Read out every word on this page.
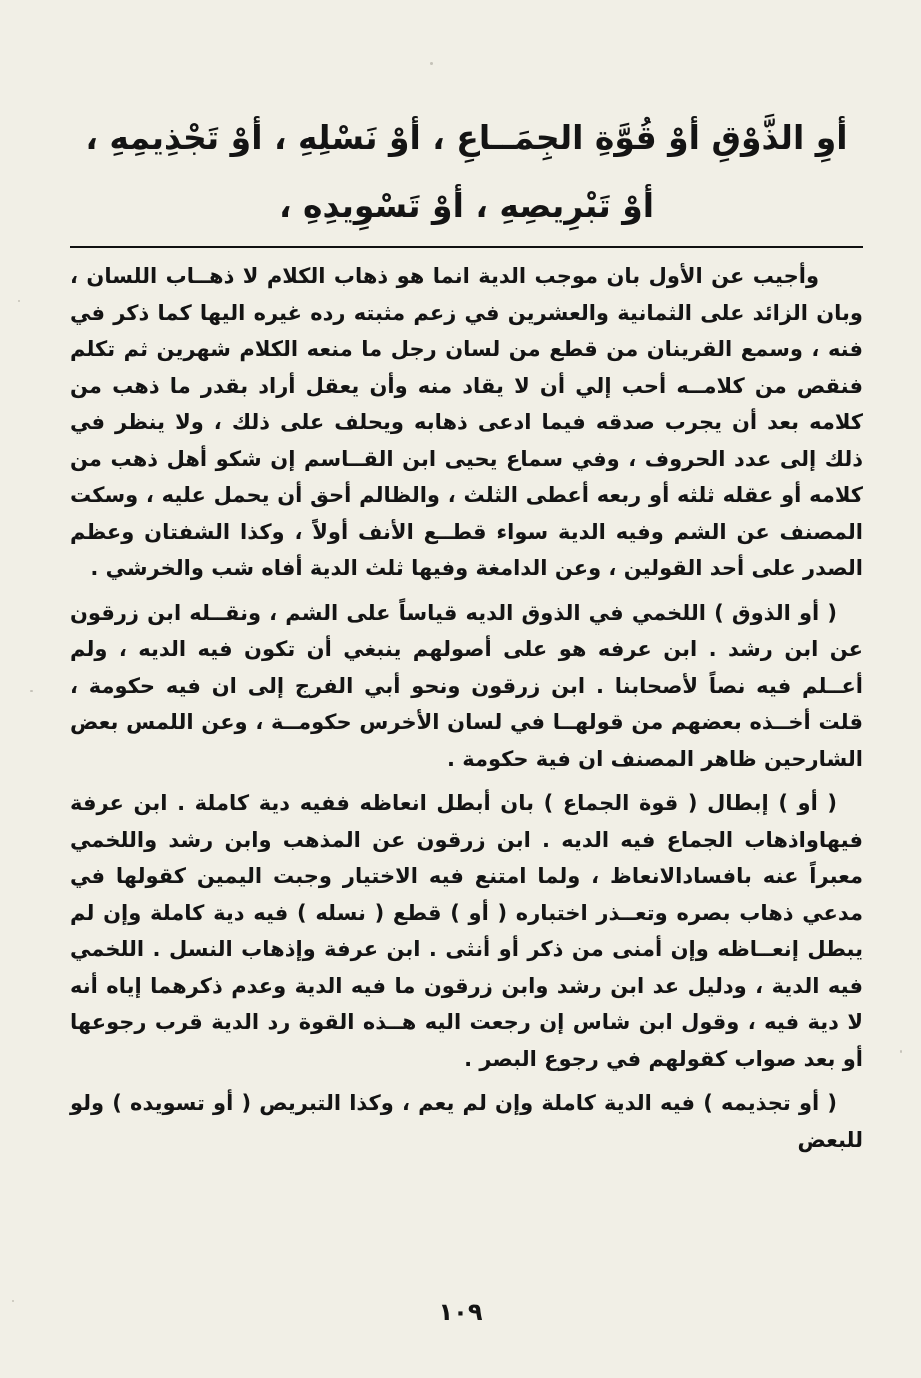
أوِ الذَّوْقِ أوْ قُوَّةِ الجِمَــاعِ ، أوْ نَسْلِهِ ، أوْ تَجْذِيمِهِ ،
أوْ تَبْرِيصِهِ ، أوْ تَسْوِيدِهِ ،

وأجيب عن الأول بان موجب الدية انما هو ذهاب الكلام لا ذهــاب اللسان ، وبان الزائد على الثمانية والعشرين في زعم مثبته رده غيره اليها كما ذكر في فنه ، وسمع القرينان من قطع من لسان رجل ما منعه الكلام شهرين ثم تكلم فنقص من كلامــه أحب إلي أن لا يقاد منه وأن يعقل أراد بقدر ما ذهب من كلامه بعد أن يجرب صدقه فيما ادعى ذهابه ويحلف على ذلك ، ولا ينظر في ذلك إلى عدد الحروف ، وفي سماع يحيى ابن القــاسم إن شكو أهل ذهب من كلامه أو عقله ثلثه أو ربعه أعطى الثلث ، والظالم أحق أن يحمل عليه ، وسكت المصنف عن الشم وفيه الدية سواء قطــع الأنف أولاً ، وكذا الشفتان وعظم الصدر على أحد القولين ، وعن الدامغة وفيها ثلث الدية أفاه شب والخرشي .

( أو الذوق ) اللخمي في الذوق الديه قياساً على الشم ، ونقــله ابن زرقون عن ابن رشد . ابن عرفه هو على أصولهم ينبغي أن تكون فيه الديه ، ولم أعــلم فيه نصاً لأصحابنا . ابن زرقون ونحو أبي الفرج إلى ان فيه حكومة ، قلت أخــذه بعضهم من قولهــا في لسان الأخرس حكومــة ، وعن اللمس بعض الشارحين ظاهر المصنف ان فية حكومة .

( أو ) إبطال ( قوة الجماع ) بان أبطل انعاظه ففيه دية كاملة . ابن عرفة فيهاواذهاب الجماع فيه الديه . ابن زرقون عن المذهب وابن رشد واللخمي معبراً عنه بافسادالانعاظ ، ولما امتنع فيه الاختيار وجبت اليمين كقولها في مدعي ذهاب بصره وتعــذر اختباره ( أو ) قطع ( نسله ) فيه دية كاملة وإن لم يبطل إنعــاظه وإن أمنى من ذكر أو أنثى . ابن عرفة وإذهاب النسل . اللخمي فيه الدية ، ودليل عد ابن رشد وابن زرقون ما فيه الدية وعدم ذكرهما إياه أنه لا دية فيه ، وقول ابن شاس إن رجعت اليه هــذه القوة رد الدية قرب رجوعها أو بعد صواب كقولهم في رجوع البصر .

( أو تجذيمه ) فيه الدية كاملة وإن لم يعم ، وكذا التبريص ( أو تسويده ) ولو للبعض

١٠٩
